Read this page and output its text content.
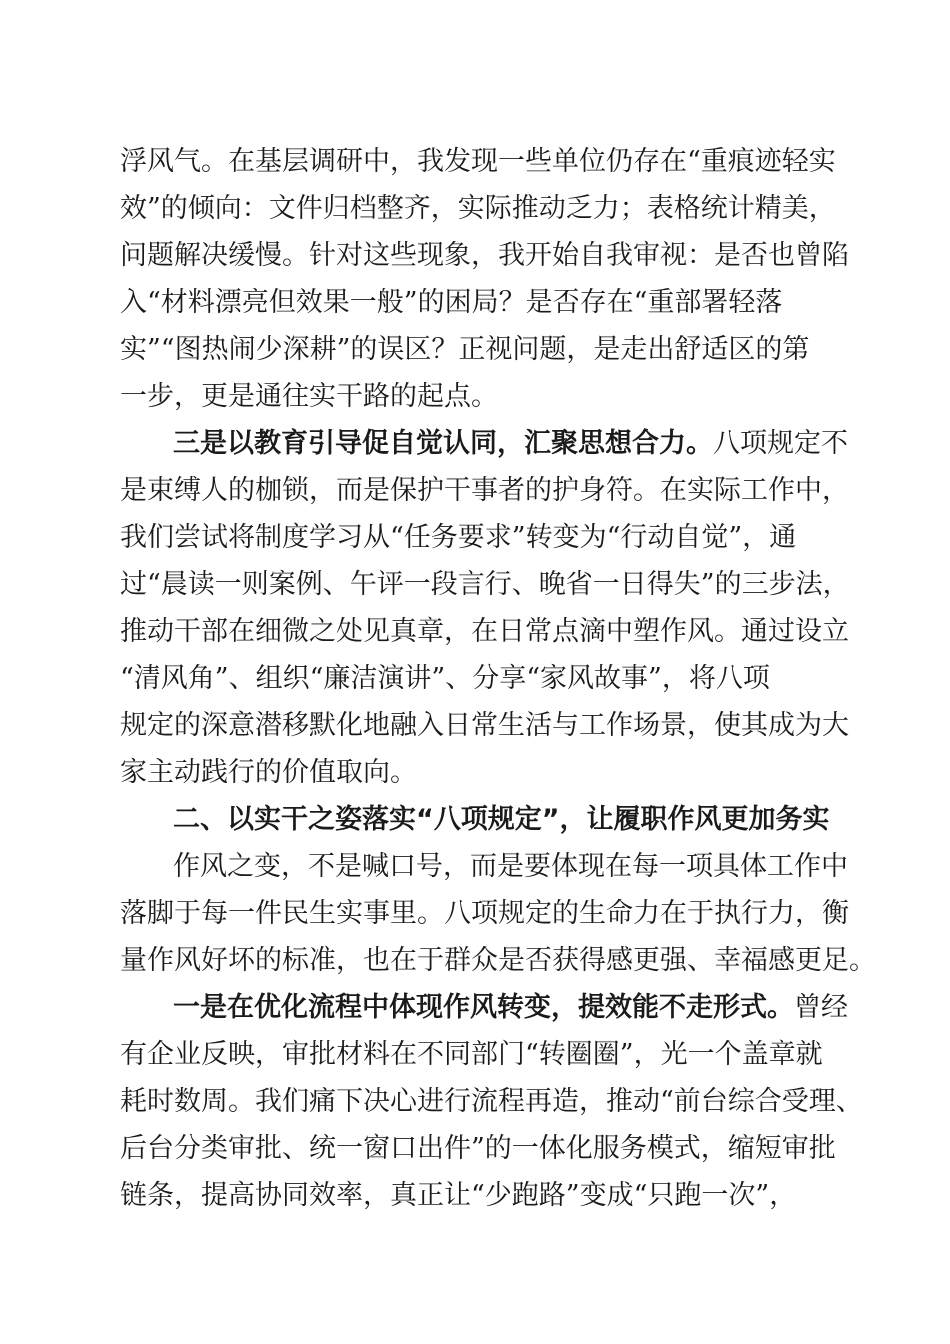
浮风气。在基层调研中，我发现一些单位仍存在“重痕迹轻实
效”的倾向：文件归档整齐，实际推动乏力；表格统计精美，
问题解决缓慢。针对这些现象，我开始自我审视：是否也曾陷
入“材料漂亮但效果一般”的困局？是否存在“重部署轻落
实”“图热闹少深耕”的误区？正视问题，是走出舒适区的第
一步，更是通往实干路的起点。
三是以教育引导促自觉认同，汇聚思想合力。八项规定不
是束缚人的枷锁，而是保护干事者的护身符。在实际工作中，
我们尝试将制度学习从“任务要求”转变为“行动自觉”，通
过“晨读一则案例、午评一段言行、晚省一日得失”的三步法，
推动干部在细微之处见真章，在日常点滴中塑作风。通过设立
“清风角”、组织“廉洁演讲”、分享“家风故事”，将八项
规定的深意潜移默化地融入日常生活与工作场景，使其成为大
家主动践行的价值取向。
二、以实干之姿落实“八项规定”，让履职作风更加务实
作风之变，不是喊口号，而是要体现在每一项具体工作中
落脚于每一件民生实事里。八项规定的生命力在于执行力，衡
量作风好坏的标准，也在于群众是否获得感更强、幸福感更足。
一是在优化流程中体现作风转变，提效能不走形式。曾经
有企业反映，审批材料在不同部门“转圈圈”，光一个盖章就
耗时数周。我们痛下决心进行流程再造，推动“前台综合受理、
后台分类审批、统一窗口出件”的一体化服务模式，缩短审批
链条，提高协同效率，真正让“少跑路”变成“只跑一次”，
